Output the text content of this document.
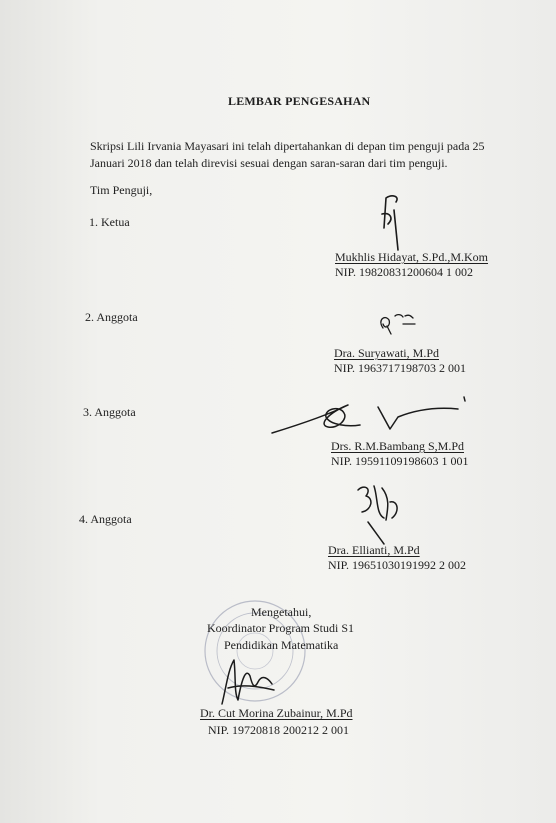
LEMBAR PENGESAHAN
Skripsi Lili Irvania Mayasari ini telah dipertahankan di depan tim penguji pada 25
Januari 2018 dan telah direvisi sesuai dengan saran-saran dari tim penguji.
Tim Penguji,
1. Ketua
Mukhlis Hidayat, S.Pd.,M.Kom
NIP. 19820831200604 1 002
2. Anggota
Dra. Suryawati, M.Pd
NIP. 1963717198703 2 001
3. Anggota
Drs. R.M.Bambang S,M.Pd
NIP. 19591109198603 1 001
4. Anggota
Dra. Ellianti, M.Pd
NIP. 19651030191992 2 002
Mengetahui,
Koordinator Program Studi S1
Pendidikan Matematika
Dr. Cut Morina Zubainur, M.Pd
NIP. 19720818 200212 2 001
